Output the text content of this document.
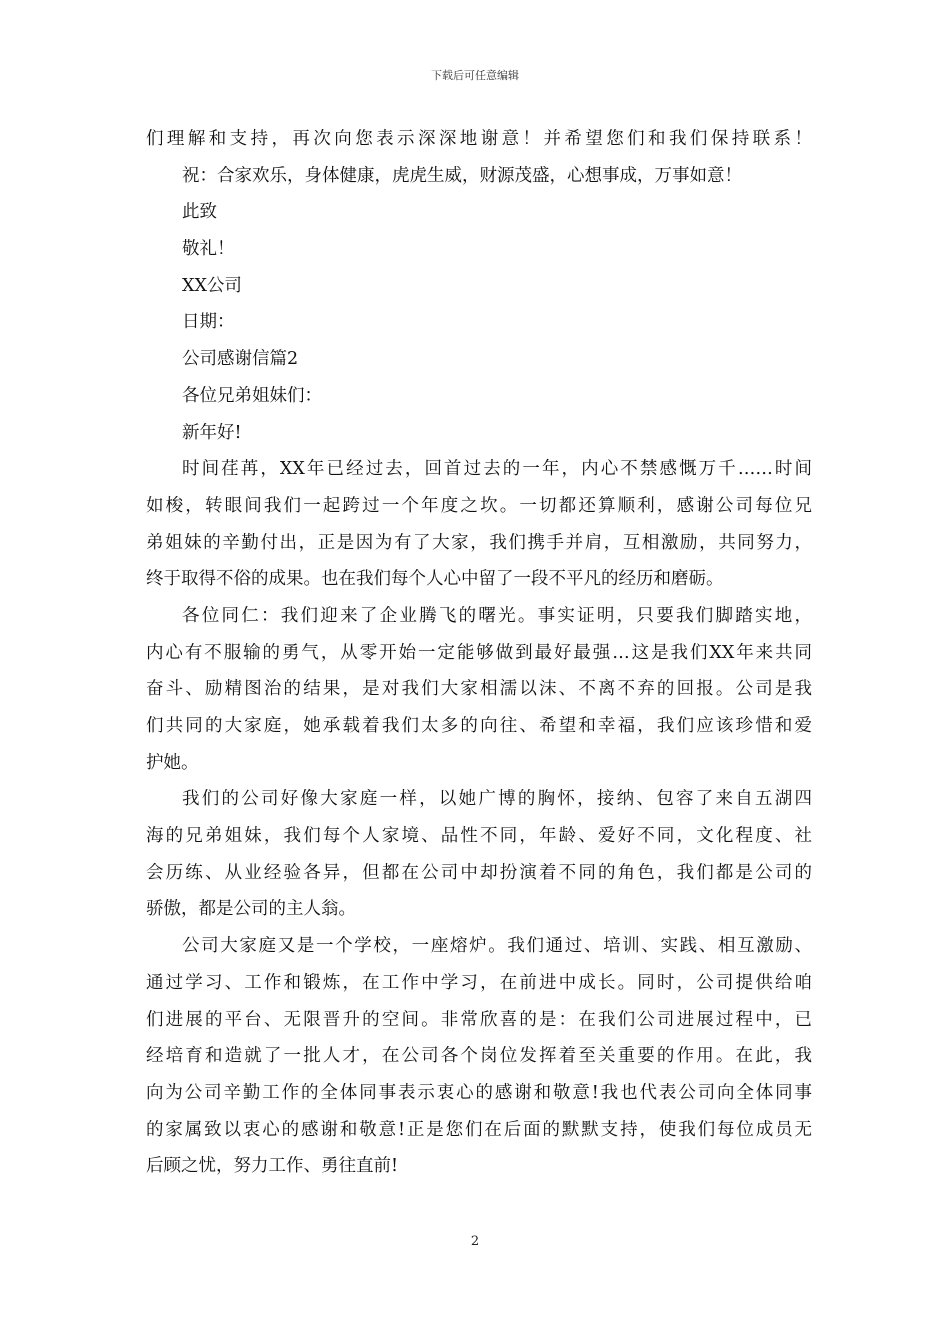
下载后可任意编辑
们理解和支持，再次向您表示深深地谢意！并希望您们和我们保持联系！
祝：合家欢乐，身体健康，虎虎生威，财源茂盛，心想事成，万事如意！
此致
敬礼！
XX公司
日期：
公司感谢信篇2
各位兄弟姐妹们：
新年好!
时间荏苒，XX年已经过去，回首过去的一年，内心不禁感慨万千……时间
如梭，转眼间我们一起跨过一个年度之坎。一切都还算顺利，感谢公司每位兄
弟姐妹的辛勤付出，正是因为有了大家，我们携手并肩，互相激励，共同努力，
终于取得不俗的成果。也在我们每个人心中留了一段不平凡的经历和磨砺。
各位同仁：我们迎来了企业腾飞的曙光。事实证明，只要我们脚踏实地，
内心有不服输的勇气，从零开始一定能够做到最好最强…这是我们XX年来共同
奋斗、励精图治的结果，是对我们大家相濡以沫、不离不弃的回报。公司是我
们共同的大家庭，她承载着我们太多的向往、希望和幸福，我们应该珍惜和爱
护她。
我们的公司好像大家庭一样，以她广博的胸怀，接纳、包容了来自五湖四
海的兄弟姐妹，我们每个人家境、品性不同，年龄、爱好不同，文化程度、社
会历练、从业经验各异，但都在公司中却扮演着不同的角色，我们都是公司的
骄傲，都是公司的主人翁。
公司大家庭又是一个学校，一座熔炉。我们通过、培训、实践、相互激励、
通过学习、工作和锻炼，在工作中学习，在前进中成长。同时，公司提供给咱
们进展的平台、无限晋升的空间。非常欣喜的是：在我们公司进展过程中，已
经培育和造就了一批人才，在公司各个岗位发挥着至关重要的作用。在此，我
向为公司辛勤工作的全体同事表示衷心的感谢和敬意!我也代表公司向全体同事
的家属致以衷心的感谢和敬意!正是您们在后面的默默支持，使我们每位成员无
后顾之忧，努力工作、勇往直前!
2
